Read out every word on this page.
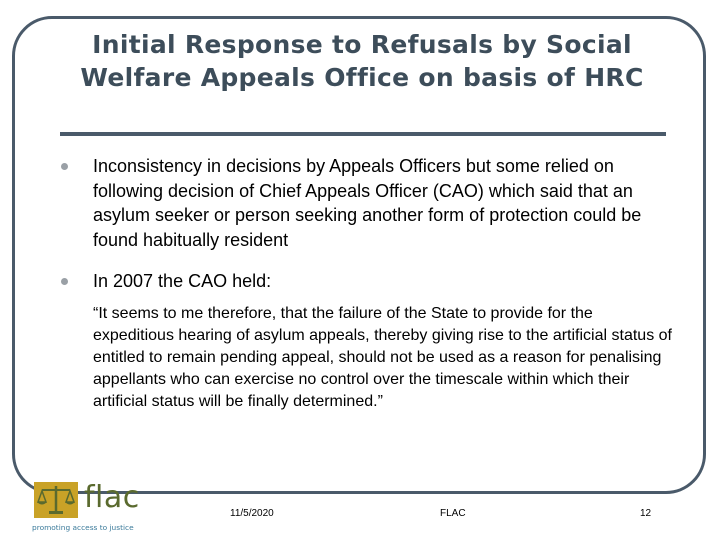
Initial Response to Refusals by Social Welfare Appeals Office on basis of HRC
Inconsistency in decisions by Appeals Officers but some relied on following decision of Chief Appeals Officer (CAO) which said that an asylum seeker or person seeking another form of protection could be found habitually resident
In 2007 the CAO held:
“It seems to me therefore, that the failure of the State to provide for the expeditious hearing of asylum appeals, thereby giving rise to the artificial status of entitled to remain pending appeal, should not be used as a reason for penalising appellants who can exercise no control over the timescale within which their artificial status will be finally determined.”
flac
promoting access to justice
11/5/2020	FLAC	12
